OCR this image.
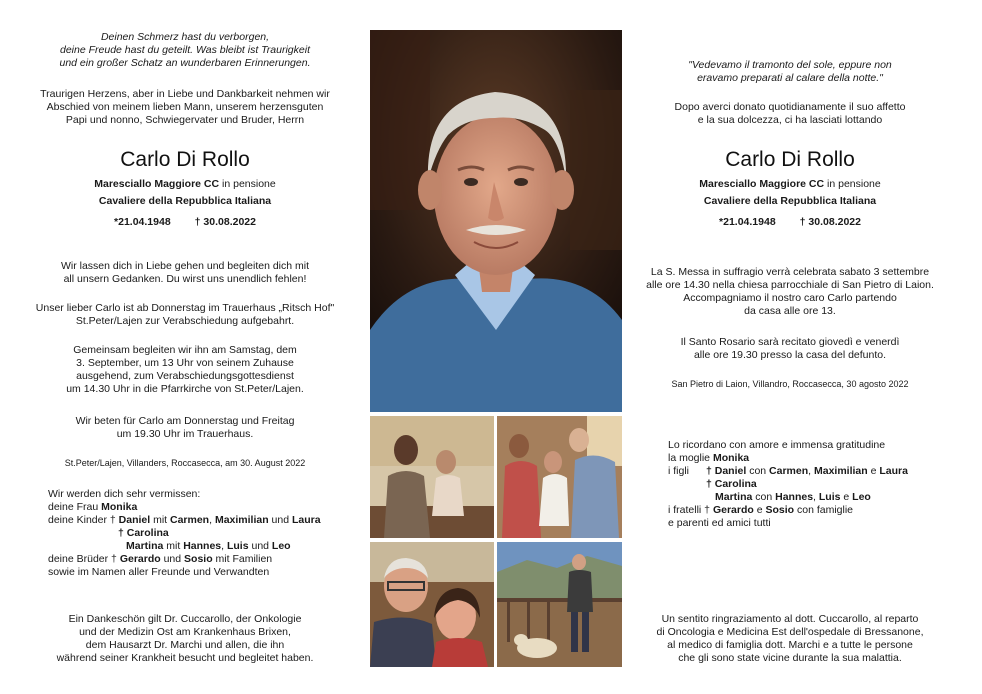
Deinen Schmerz hast du verborgen,
deine Freude hast du geteilt. Was bleibt ist Traurigkeit
und ein großer Schatz an wunderbaren Erinnerungen.
Traurigen Herzens, aber in Liebe und Dankbarkeit nehmen wir
Abschied von meinem lieben Mann, unserem herzensguten
Papi und nonno, Schwiegervater und Bruder, Herrn
Carlo Di Rollo
Maresciallo Maggiore CC in pensione
Cavaliere della Repubblica Italiana
*21.04.1948 † 30.08.2022
Wir lassen dich in Liebe gehen und begleiten dich mit
all unsern Gedanken. Du wirst uns unendlich fehlen!
Unser lieber Carlo ist ab Donnerstag im Trauerhaus „Ritsch Hof"
St.Peter/Lajen zur Verabschiedung aufgebahrt.
Gemeinsam begleiten wir ihn am Samstag, dem
3. September, um 13 Uhr von seinem Zuhause
ausgehend, zum Verabschiedungsgottesdienst
um 14.30 Uhr in die Pfarrkirche von St.Peter/Lajen.
Wir beten für Carlo am Donnerstag und Freitag
um 19.30 Uhr im Trauerhaus.
St.Peter/Lajen, Villanders, Roccasecca, am 30. August 2022
Wir werden dich sehr vermissen:
deine Frau Monika
deine Kinder † Daniel mit Carmen, Maximilian und Laura
† Carolina
Martina mit Hannes, Luis und Leo
deine Brüder † Gerardo und Sosio mit Familien
sowie im Namen aller Freunde und Verwandten
Ein Dankeschön gilt Dr. Cuccarollo, der Onkologie
und der Medizin Ost am Krankenhaus Brixen,
dem Hausarzt Dr. Marchi und allen, die ihn
während seiner Krankheit besucht und begleitet haben.
"Vedevamo il tramonto del sole, eppure non
eravamo preparati al calare della notte."
Dopo averci donato quotidianamente il suo affetto
e la sua dolcezza, ci ha lasciati lottando
Carlo Di Rollo
Maresciallo Maggiore CC in pensione
Cavaliere della Repubblica Italiana
*21.04.1948 † 30.08.2022
La S. Messa in suffragio verrà celebrata sabato 3 settembre
alle ore 14.30 nella chiesa parrocchiale di San Pietro di Laion.
Accompagniamo il nostro caro Carlo partendo
da casa alle ore 13.
Il Santo Rosario sarà recitato giovedì e venerdì
alle ore 19.30 presso la casa del defunto.
San Pietro di Laion, Villandro, Roccasecca, 30 agosto 2022
Lo ricordano con amore e immensa gratitudine
la moglie Monika
i figli † Daniel con Carmen, Maximilian e Laura
† Carolina
Martina con Hannes, Luis e Leo
i fratelli † Gerardo e Sosio con famiglie
e parenti ed amici tutti
Un sentito ringraziamento al dott. Cuccarollo, al reparto
di Oncologia e Medicina Est dell'ospedale di Bressanone,
al medico di famiglia dott. Marchi e a tutte le persone
che gli sono state vicine durante la sua malattia.
